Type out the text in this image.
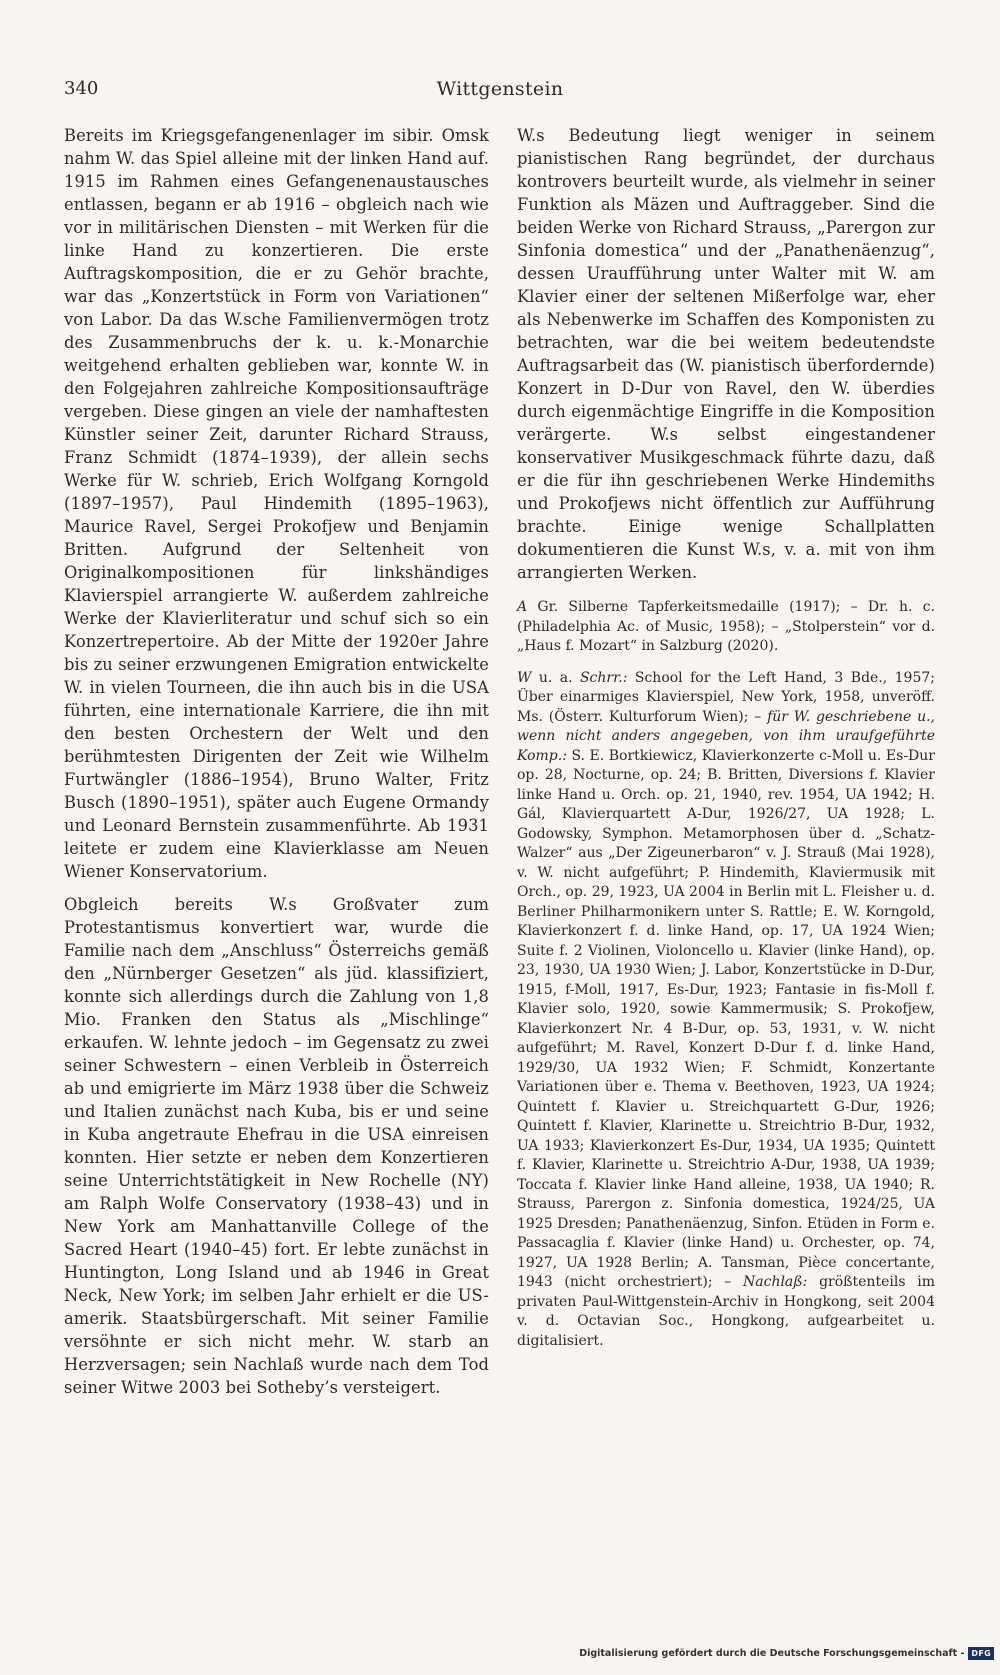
340	Wittgenstein

Bereits im Kriegsgefangenenlager im sibir. Omsk nahm W. das Spiel alleine mit der linken Hand auf. 1915 im Rahmen eines Gefangenenaustausches entlassen, begann er ab 1916 – obgleich nach wie vor in militärischen Diensten – mit Werken für die linke Hand zu konzertieren. Die erste Auftragskomposition, die er zu Gehör brachte, war das „Konzertstück in Form von Variationen“ von Labor. Da das W.sche Familienvermögen trotz des Zusammenbruchs der k. u. k.-Monarchie weitgehend erhalten geblieben war, konnte W. in den Folgejahren zahlreiche Kompositionsaufträge vergeben. Diese gingen an viele der namhaftesten Künstler seiner Zeit, darunter Richard Strauss, Franz Schmidt (1874–1939), der allein sechs Werke für W. schrieb, Erich Wolfgang Korngold (1897–1957), Paul Hindemith (1895–1963), Maurice Ravel, Sergei Prokofjew und Benjamin Britten. Aufgrund der Seltenheit von Originalkompositionen für linkshändiges Klavierspiel arrangierte W. außerdem zahlreiche Werke der Klavierliteratur und schuf sich so ein Konzertrepertoire. Ab der Mitte der 1920er Jahre bis zu seiner erzwungenen Emigration entwickelte W. in vielen Tourneen, die ihn auch bis in die USA führten, eine internationale Karriere, die ihn mit den besten Orchestern der Welt und den berühmtesten Dirigenten der Zeit wie Wilhelm Furtwängler (1886–1954), Bruno Walter, Fritz Busch (1890–1951), später auch Eugene Ormandy und Leonard Bernstein zusammenführte. Ab 1931 leitete er zudem eine Klavierklasse am Neuen Wiener Konservatorium.

Obgleich bereits W.s Großvater zum Protestantismus konvertiert war, wurde die Familie nach dem „Anschluss“ Österreichs gemäß den „Nürnberger Gesetzen“ als jüd. klassifiziert, konnte sich allerdings durch die Zahlung von 1,8 Mio. Franken den Status als „Mischlinge“ erkaufen. W. lehnte jedoch – im Gegensatz zu zwei seiner Schwestern – einen Verbleib in Österreich ab und emigrierte im März 1938 über die Schweiz und Italien zunächst nach Kuba, bis er und seine in Kuba angetraute Ehefrau in die USA einreisen konnten. Hier setzte er neben dem Konzertieren seine Unterrichtstätigkeit in New Rochelle (NY) am Ralph Wolfe Conservatory (1938–43) und in New York am Manhattanville College of the Sacred Heart (1940–45) fort. Er lebte zunächst in Huntington, Long Island und ab 1946 in Great Neck, New York; im selben Jahr erhielt er die US-amerik. Staatsbürgerschaft. Mit seiner Familie versöhnte er sich nicht mehr. W. starb an Herzversagen; sein Nachlaß wurde nach dem Tod seiner Witwe 2003 bei Sotheby’s versteigert.

W.s Bedeutung liegt weniger in seinem pianistischen Rang begründet, der durchaus kontrovers beurteilt wurde, als vielmehr in seiner Funktion als Mäzen und Auftraggeber. Sind die beiden Werke von Richard Strauss, „Parergon zur Sinfonia domestica“ und der „Panathenäenzug“, dessen Uraufführung unter Walter mit W. am Klavier einer der seltenen Mißerfolge war, eher als Nebenwerke im Schaffen des Komponisten zu betrachten, war die bei weitem bedeutendste Auftragsarbeit das (W. pianistisch überfordernde) Konzert in D-Dur von Ravel, den W. überdies durch eigenmächtige Eingriffe in die Komposition verärgerte. W.s selbst eingestandener konservativer Musikgeschmack führte dazu, daß er die für ihn geschriebenen Werke Hindemiths und Prokofjews nicht öffentlich zur Aufführung brachte. Einige wenige Schallplatten dokumentieren die Kunst W.s, v. a. mit von ihm arrangierten Werken.

A Gr. Silberne Tapferkeitsmedaille (1917); – Dr. h. c. (Philadelphia Ac. of Music, 1958); – „Stolperstein“ vor d. „Haus f. Mozart“ in Salzburg (2020).

W u. a. Schrr.: School for the Left Hand, 3 Bde., 1957; Über einarmiges Klavierspiel, New York, 1958, unveröff. Ms. (Österr. Kulturforum Wien); – für W. geschriebene u., wenn nicht anders angegeben, von ihm uraufgeführte Komp.: S. E. Bortkiewicz, Klavierkonzerte c-Moll u. Es-Dur op. 28, Nocturne, op. 24; B. Britten, Diversions f. Klavier linke Hand u. Orch. op. 21, 1940, rev. 1954, UA 1942; H. Gál, Klavierquartett A-Dur, 1926/27, UA 1928; L. Godowsky, Symphon. Metamorphosen über d. „Schatz-Walzer“ aus „Der Zigeunerbaron“ v. J. Strauß (Mai 1928), v. W. nicht aufgeführt; P. Hindemith, Klaviermusik mit Orch., op. 29, 1923, UA 2004 in Berlin mit L. Fleisher u. d. Berliner Philharmonikern unter S. Rattle; E. W. Korngold, Klavierkonzert f. d. linke Hand, op. 17, UA 1924 Wien; Suite f. 2 Violinen, Violoncello u. Klavier (linke Hand), op. 23, 1930, UA 1930 Wien; J. Labor, Konzertstücke in D-Dur, 1915, f-Moll, 1917, Es-Dur, 1923; Fantasie in fis-Moll f. Klavier solo, 1920, sowie Kammermusik; S. Prokofjew, Klavierkonzert Nr. 4 B-Dur, op. 53, 1931, v. W. nicht aufgeführt; M. Ravel, Konzert D-Dur f. d. linke Hand, 1929/30, UA 1932 Wien; F. Schmidt, Konzertante Variationen über e. Thema v. Beethoven, 1923, UA 1924; Quintett f. Klavier u. Streichquartett G-Dur, 1926; Quintett f. Klavier, Klarinette u. Streichtrio B-Dur, 1932, UA 1933; Klavierkonzert Es-Dur, 1934, UA 1935; Quintett f. Klavier, Klarinette u. Streichtrio A-Dur, 1938, UA 1939; Toccata f. Klavier linke Hand alleine, 1938, UA 1940; R. Strauss, Parergon z. Sinfonia domestica, 1924/25, UA 1925 Dresden; Panathenäenzug, Sinfon. Etüden in Form e. Passacaglia f. Klavier (linke Hand) u. Orchester, op. 74, 1927, UA 1928 Berlin; A. Tansman, Pièce concertante, 1943 (nicht orchestriert); – Nachlaß: größtenteils im privaten Paul-Wittgenstein-Archiv in Hongkong, seit 2004 v. d. Octavian Soc., Hongkong, aufgearbeitet u. digitalisiert.

Digitalisierung gefördert durch die Deutsche Forschungsgemeinschaft - DFG
